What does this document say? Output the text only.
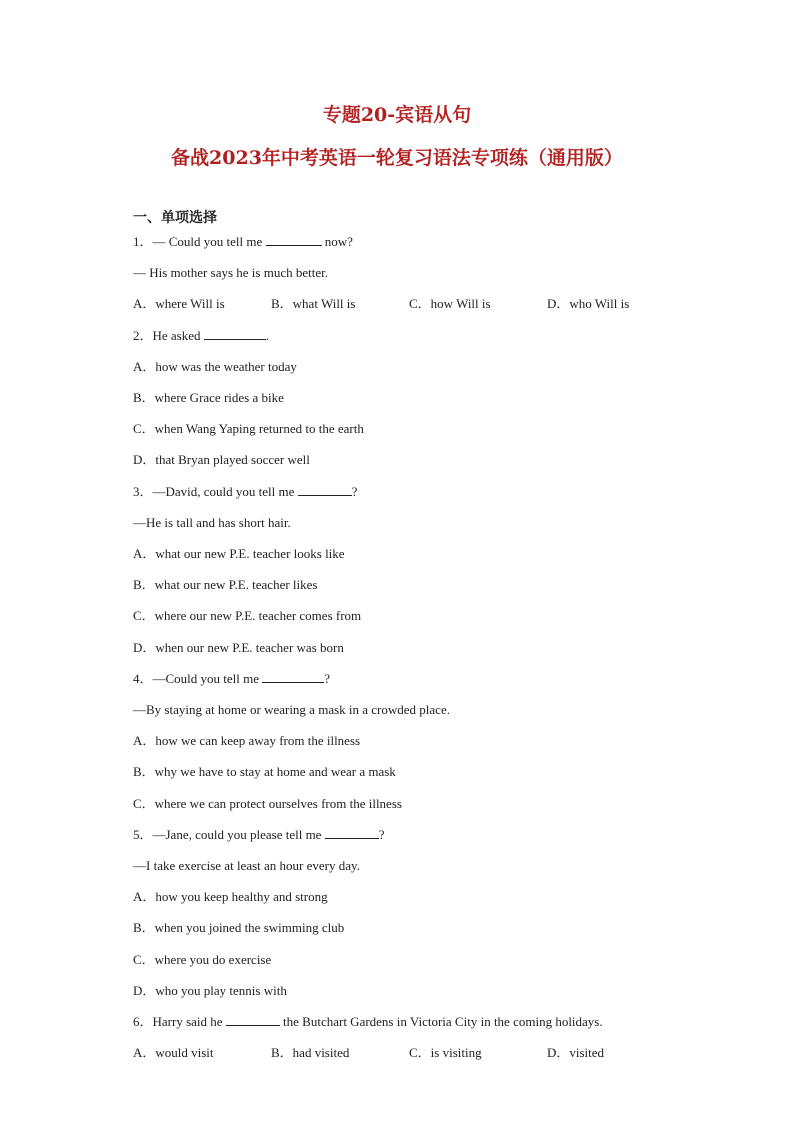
专题20-宾语从句
备战2023年中考英语一轮复习语法专项练（通用版）

一、单项选择

1．— Could you tell me	now?

— His mother says he is much better.

A．where Will is	B．what Will is	C．how Will is	D．who Will is

2．He asked	.

A．how was the weather today

B．where Grace rides a bike

C．when Wang Yaping returned to the earth

D．that Bryan played soccer well

3．—David, could you tell me	?

—He is tall and has short hair.

A．what our new P.E. teacher looks like

B．what our new P.E. teacher likes

C．where our new P.E. teacher comes from

D．when our new P.E. teacher was born

4．—Could you tell me	?

—By staying at home or wearing a mask in a crowded place.

A．how we can keep away from the illness

B．why we have to stay at home and wear a mask

C．where we can protect ourselves from the illness

5．—Jane, could you please tell me	?

—I take exercise at least an hour every day.

A．how you keep healthy and strong

B．when you joined the swimming club

C．where you do exercise

D．who you play tennis with

6．Harry said he	the Butchart Gardens in Victoria City in the coming holidays.

A．would visit	B．had visited	C．is visiting	D．visited
